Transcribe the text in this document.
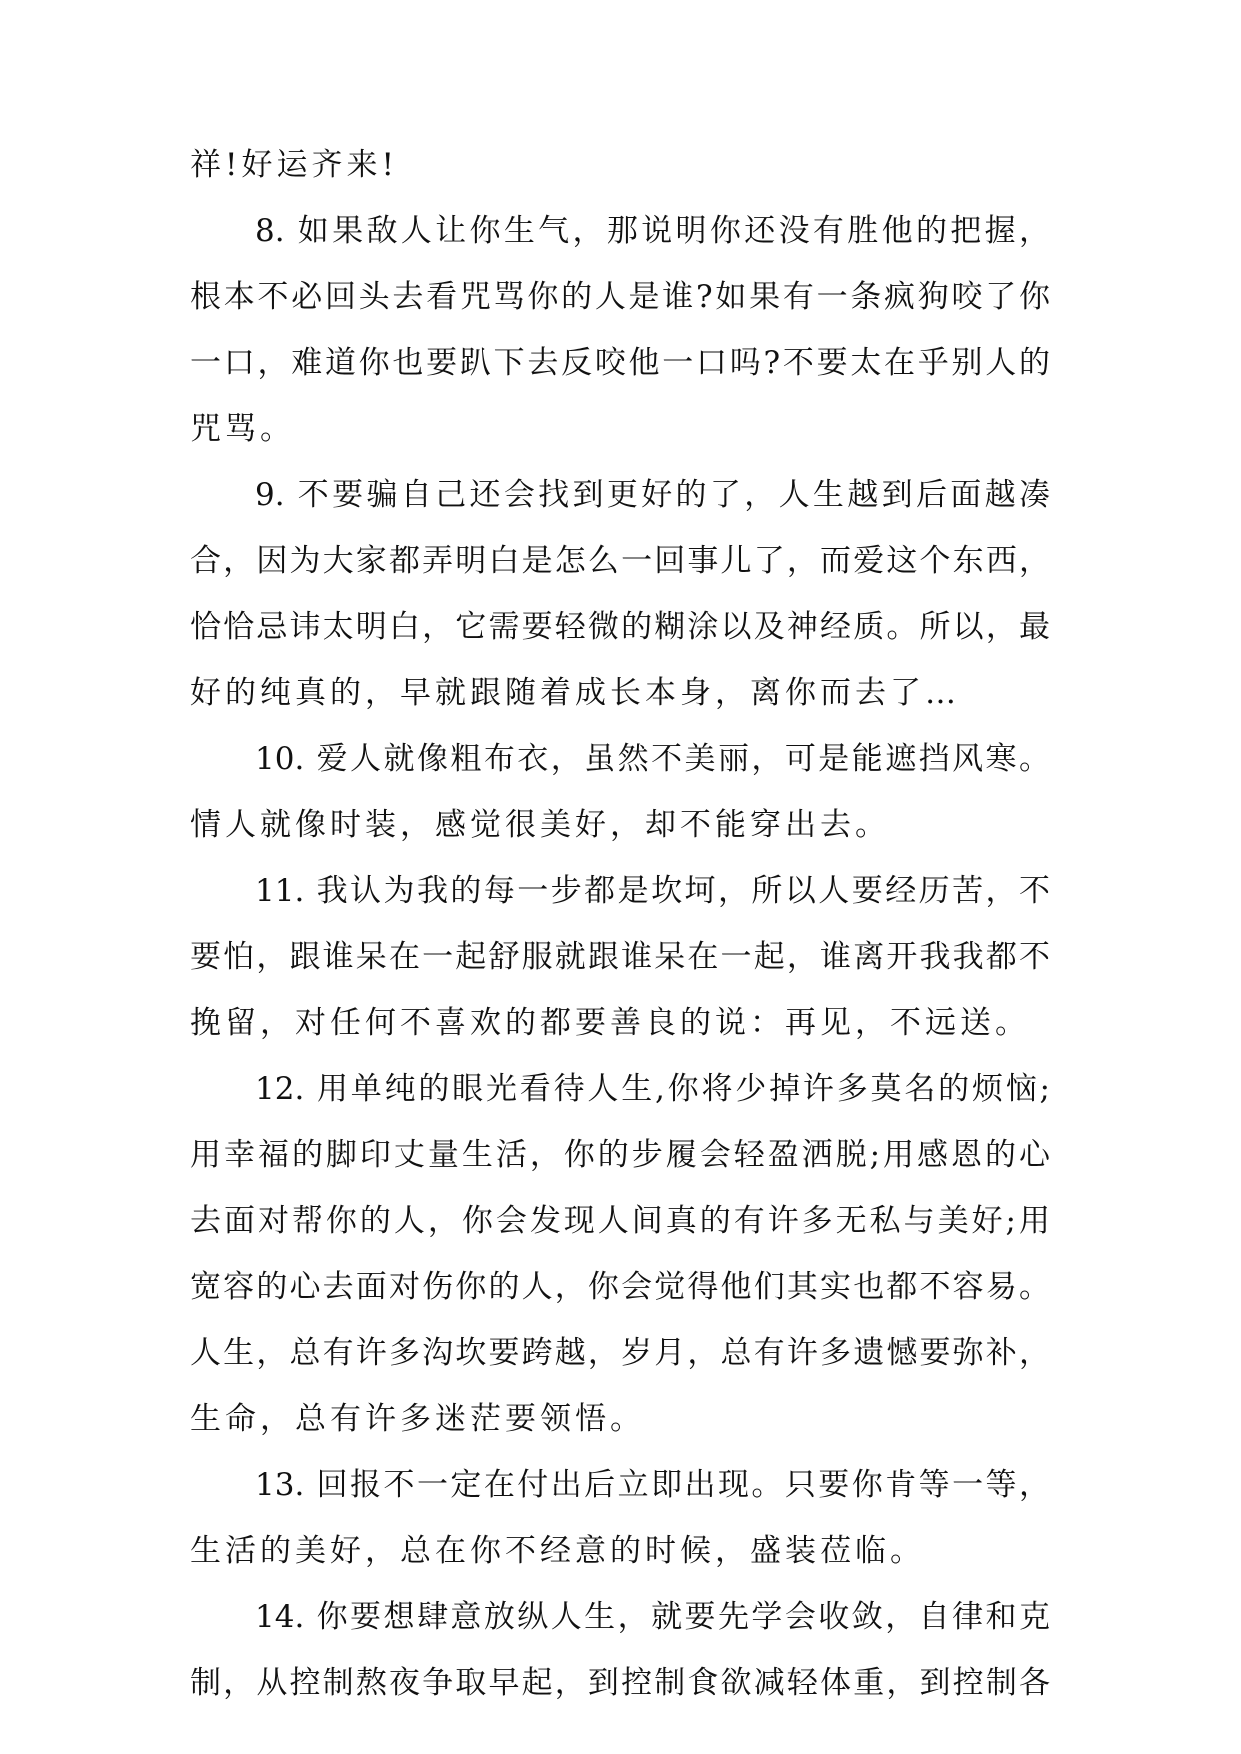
祥!好运齐来!
8. 如果敌人让你生气，那说明你还没有胜他的把握，
根本不必回头去看咒骂你的人是谁?如果有一条疯狗咬了你
一口，难道你也要趴下去反咬他一口吗?不要太在乎别人的
咒骂。
9. 不要骗自己还会找到更好的了，人生越到后面越凑
合，因为大家都弄明白是怎么一回事儿了，而爱这个东西，
恰恰忌讳太明白，它需要轻微的糊涂以及神经质。所以，最
好的纯真的，早就跟随着成长本身，离你而去了…
10. 爱人就像粗布衣，虽然不美丽，可是能遮挡风寒。
情人就像时装，感觉很美好，却不能穿出去。
11. 我认为我的每一步都是坎坷，所以人要经历苦，不
要怕，跟谁呆在一起舒服就跟谁呆在一起，谁离开我我都不
挽留，对任何不喜欢的都要善良的说：再见，不远送。
12. 用单纯的眼光看待人生,你将少掉许多莫名的烦恼;
用幸福的脚印丈量生活，你的步履会轻盈洒脱;用感恩的心
去面对帮你的人，你会发现人间真的有许多无私与美好;用
宽容的心去面对伤你的人，你会觉得他们其实也都不容易。
人生，总有许多沟坎要跨越，岁月，总有许多遗憾要弥补，
生命，总有许多迷茫要领悟。
13. 回报不一定在付出后立即出现。只要你肯等一等，
生活的美好，总在你不经意的时候，盛装莅临。
14. 你要想肆意放纵人生，就要先学会收敛，自律和克
制，从控制熬夜争取早起，到控制食欲减轻体重，到控制各
